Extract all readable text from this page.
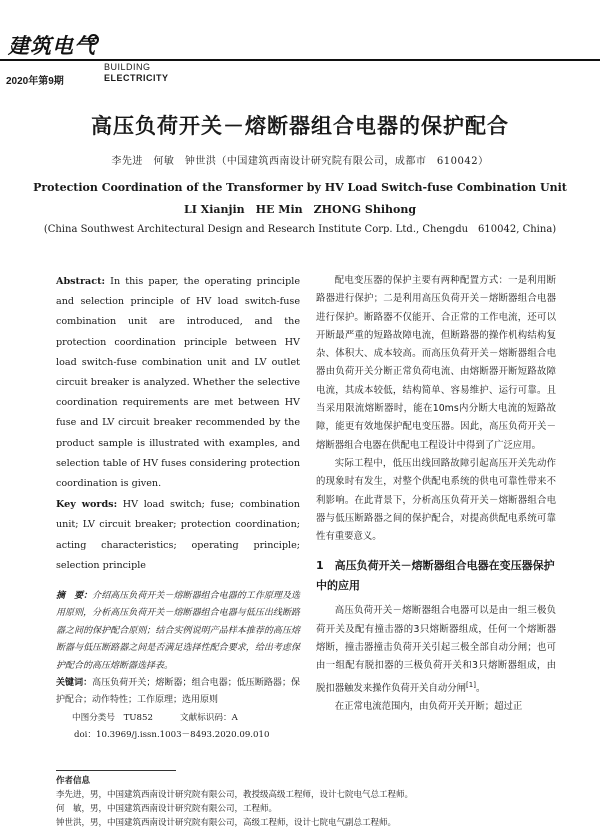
建筑电气
BUILDING
ELECTRICITY
2020年第9期
高压负荷开关－熔断器组合电器的保护配合
李先进　何敏　钟世洪（中国建筑西南设计研究院有限公司，成都市　610042）
Protection Coordination of the Transformer by HV Load Switch-fuse Combination Unit
LI Xianjin　HE Min　ZHONG Shihong
(China Southwest Architectural Design and Research Institute Corp. Ltd., Chengdu　610042, China)
Abstract: In this paper, the operating principle and selection principle of HV load switch-fuse combination unit are introduced, and the protection coordination principle between HV load switch-fuse combination unit and LV outlet circuit breaker is analyzed. Whether the selective coordination requirements are met between HV fuse and LV circuit breaker recommended by the product sample is illustrated with examples, and selection table of HV fuses considering protection coordination is given.
Key words: HV load switch; fuse; combination unit; LV circuit breaker; protection coordination; acting characteristics; operating principle; selection principle
摘　要：介绍高压负荷开关－熔断器组合电器的工作原理及选用原则，分析高压负荷开关－熔断器组合电器与低压出线断路器之间的保护配合原则；结合实例说明产品样本推荐的高压熔断器与低压断路器之间是否满足选择性配合要求，给出考虑保护配合的高压熔断器选择表。
关键词：高压负荷开关；熔断器；组合电器；低压断路器；保护配合；动作特性；工作原理；选用原则
中图分类号　TU852	文献标识码：A
doi：10.3969/j.issn.1003－8493.2020.09.010

配电变压器的保护主要有两种配置方式：一是利用断路器进行保护；二是利用高压负荷开关－熔断器组合电器进行保护。断路器不仅能开、合正常的工作电流，还可以开断最严重的短路故障电流，但断路器的操作机构结构复杂、体积大、成本较高。而高压负荷开关－熔断器组合电器由负荷开关分断正常负荷电流、由熔断器开断短路故障电流，其成本较低，结构简单、容易维护、运行可靠。且当采用限流熔断器时，能在10ms内分断大电流的短路故障，能更有效地保护配电变压器。因此，高压负荷开关－熔断器组合电器在供配电工程设计中得到了广泛应用。

实际工程中，低压出线回路故障引起高压开关先动作的现象时有发生，对整个供配电系统的供电可靠性带来不利影响。在此背景下，分析高压负荷开关－熔断器组合电器与低压断路器之间的保护配合，对提高供配电系统可靠性有重要意义。

1　高压负荷开关－熔断器组合电器在变压器保护中的应用

高压负荷开关－熔断器组合电器可以是由一组三极负荷开关及配有撞击器的3只熔断器组成，任何一个熔断器熔断，撞击器撞击负荷开关引起三极全部自动分闸；也可由一组配有脱扣器的三极负荷开关和3只熔断器组成，由脱扣器触发来操作负荷开关自动分闸[1]。

在正常电流范围内，由负荷开关开断；超过正

作者信息
李先进，男，中国建筑西南设计研究院有限公司，教授级高级工程师，设计七院电气总工程师。
何　敏，男，中国建筑西南设计研究院有限公司，工程师。
钟世洪，男，中国建筑西南设计研究院有限公司，高级工程师，设计七院电气副总工程师。
